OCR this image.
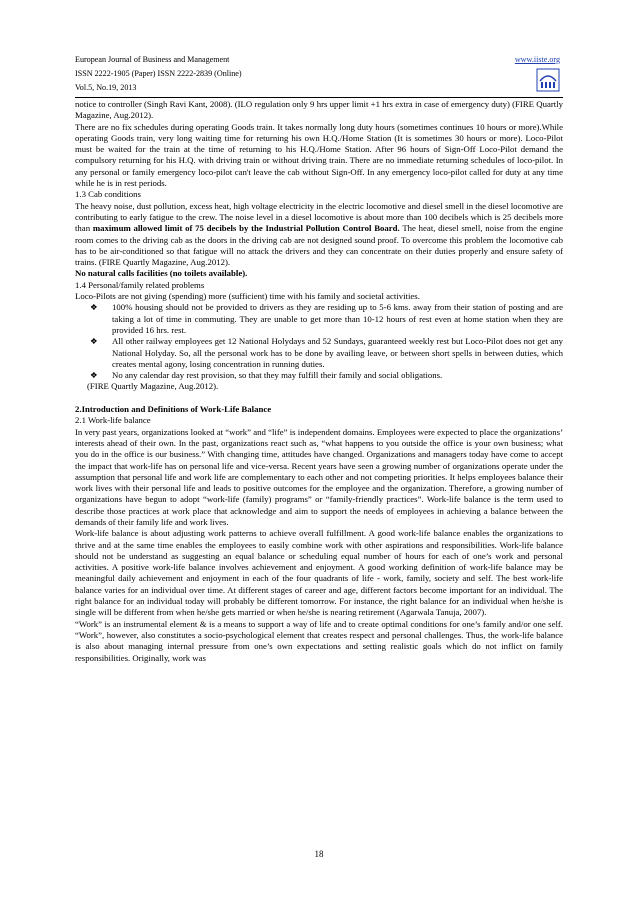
European Journal of Business and Management	www.iiste.org
ISSN 2222-1905 (Paper) ISSN 2222-2839 (Online)
Vol.5, No.19, 2013

notice to controller (Singh Ravi Kant, 2008). (ILO regulation only 9 hrs upper limit +1 hrs extra in case of emergency duty) (FIRE Quartly Magazine, Aug.2012).

There are no fix schedules during operating Goods train. It takes normally long duty hours (sometimes continues 10 hours or more).While operating Goods train, very long waiting time for returning his own H.Q./Home Station (It is sometimes 30 hours or more). Loco-Pilot must be waited for the train at the time of returning to his H.Q./Home Station. After 96 hours of Sign-Off Loco-Pilot demand the compulsory returning for his H.Q. with driving train or without driving train. There are no immediate returning schedules of loco-pilot. In any personal or family emergency loco-pilot can't leave the cab without Sign-Off. In any emergency loco-pilot called for duty at any time while he is in rest periods.

1.3 Cab conditions

The heavy noise, dust pollution, excess heat, high voltage electricity in the electric locomotive and diesel smell in the diesel locomotive are contributing to early fatigue to the crew. The noise level in a diesel locomotive is about more than 100 decibels which is 25 decibels more than maximum allowed limit of 75 decibels by the Industrial Pollution Control Board. The heat, diesel smell, noise from the engine room comes to the driving cab as the doors in the driving cab are not designed sound proof. To overcome this problem the locomotive cab has to be air-conditioned so that fatigue will no attack the drivers and they can concentrate on their duties properly and ensure safety of trains. (FIRE Quartly Magazine, Aug.2012).

No natural calls facilities (no toilets available).

1.4 Personal/family related problems

Loco-Pilots are not giving (spending) more (sufficient) time with his family and societal activities.

❖ 100% housing should not be provided to drivers as they are residing up to 5-6 kms. away from their station of posting and are taking a lot of time in commuting. They are unable to get more than 10-12 hours of rest even at home station when they are provided 16 hrs. rest.
❖ All other railway employees get 12 National Holydays and 52 Sundays, guaranteed weekly rest but Loco-Pilot does not get any National Holyday. So, all the personal work has to be done by availing leave, or between short spells in between duties, which creates mental agony, losing concentration in running duties.
❖ No any calendar day rest provision, so that they may fulfill their family and social obligations.

(FIRE Quartly Magazine, Aug.2012).

2.Introduction and Definitions of Work-Life Balance

2.1 Work-life balance

In very past years, organizations looked at “work” and “life” is independent domains. Employees were expected to place the organizations’ interests ahead of their own. In the past, organizations react such as, “what happens to you outside the office is your own business; what you do in the office is our business.” With changing time, attitudes have changed. Organizations and managers today have come to accept the impact that work-life has on personal life and vice-versa. Recent years have seen a growing number of organizations operate under the assumption that personal life and work life are complementary to each other and not competing priorities. It helps employees balance their work lives with their personal life and leads to positive outcomes for the employee and the organization. Therefore, a growing number of organizations have begun to adopt “work-life (family) programs” or “family-friendly practices”. Work-life balance is the term used to describe those practices at work place that acknowledge and aim to support the needs of employees in achieving a balance between the demands of their family life and work lives.

Work-life balance is about adjusting work patterns to achieve overall fulfillment. A good work-life balance enables the organizations to thrive and at the same time enables the employees to easily combine work with other aspirations and responsibilities. Work-life balance should not be understand as suggesting an equal balance or scheduling equal number of hours for each of one’s work and personal activities. A positive work-life balance involves achievement and enjoyment. A good working definition of work-life balance may be meaningful daily achievement and enjoyment in each of the four quadrants of life - work, family, society and self. The best work-life balance varies for an individual over time. At different stages of career and age, different factors become important for an individual. The right balance for an individual today will probably be different tomorrow. For instance, the right balance for an individual when he/she is single will be different from when he/she gets married or when he/she is nearing retirement (Agarwala Tanuja, 2007).

“Work” is an instrumental element & is a means to support a way of life and to create optimal conditions for one’s family and/or one self. “Work”, however, also constitutes a socio-psychological element that creates respect and personal challenges. Thus, the work-life balance is also about managing internal pressure from one’s own expectations and setting realistic goals which do not inflict on family responsibilities. Originally, work was

18
